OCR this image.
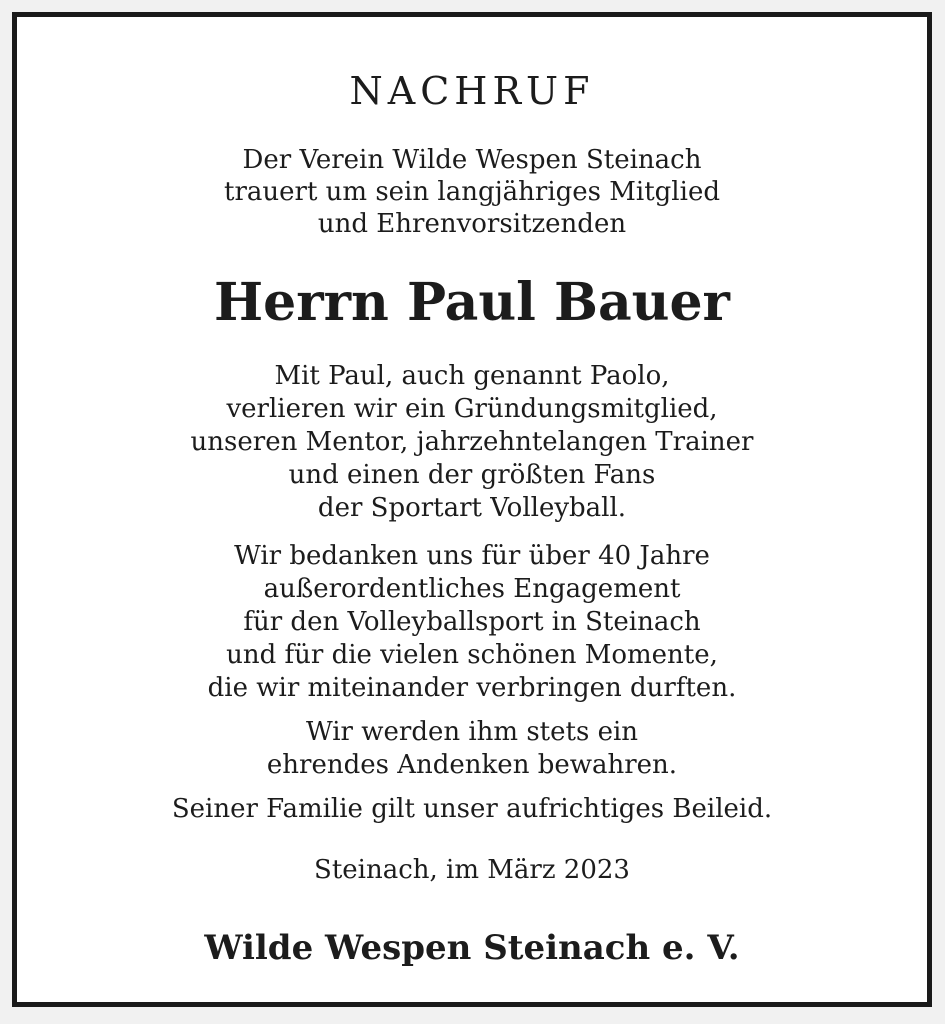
NACHRUF
Der Verein Wilde Wespen Steinach
trauert um sein langjähriges Mitglied
und Ehrenvorsitzenden
Herrn Paul Bauer
Mit Paul, auch genannt Paolo,
verlieren wir ein Gründungsmitglied,
unseren Mentor, jahrzehntelangen Trainer
und einen der größten Fans
der Sportart Volleyball.
Wir bedanken uns für über 40 Jahre
außerordentliches Engagement
für den Volleyballsport in Steinach
und für die vielen schönen Momente,
die wir miteinander verbringen durften.
Wir werden ihm stets ein
ehrendes Andenken bewahren.
Seiner Familie gilt unser aufrichtiges Beileid.
Steinach, im März 2023
Wilde Wespen Steinach e. V.
